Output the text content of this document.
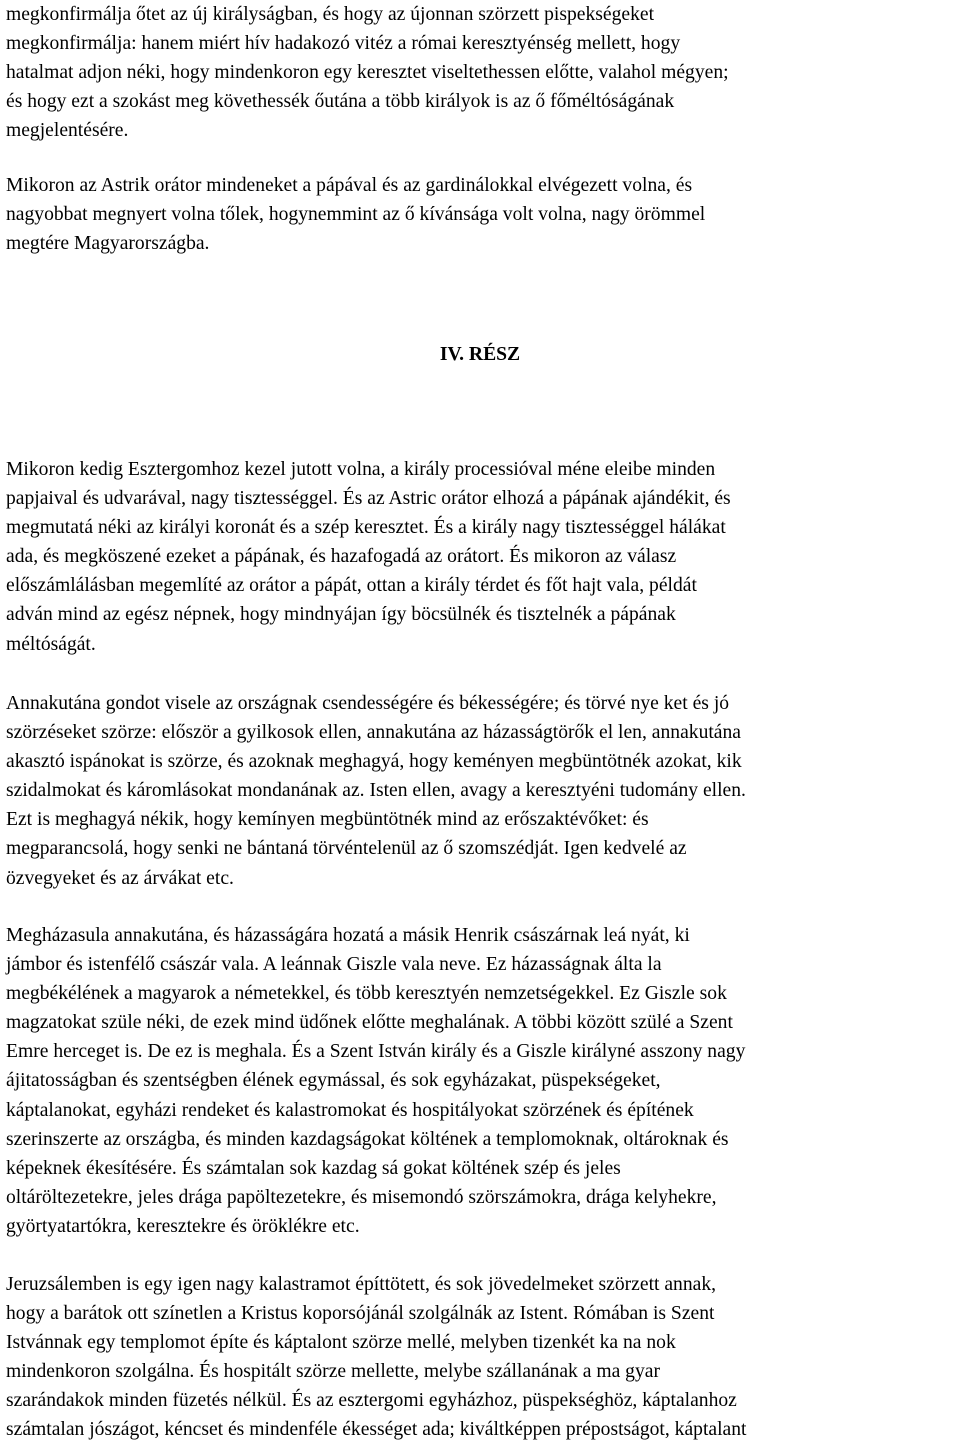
megkonfirmálja őtet az új királyságban, és hogy az újonnan szörzett pispekségeket
megkonfirmálja: hanem miért hív hadakozó vitéz a római keresztyénség mellett, hogy
hatalmat adjon néki, hogy mindenkoron egy keresztet viseltethessen előtte, valahol mégyen;
és hogy ezt a szokást meg követhessék őutána a több királyok is az ő főméltóságának
megjelentésére.
Mikoron az Astrik orátor mindeneket a pápával és az gardinálokkal elvégezett volna, és
nagyobbat megnyert volna tőlek, hogynemmint az ő kívánsága volt volna, nagy örömmel
megtére Magyarországba.
IV. RÉSZ
Mikoron kedig Esztergomhoz kezel jutott volna, a király processióval méne eleibe minden
papjaival és udvarával, nagy tisztességgel. És az Astric orátor elhozá a pápának ajándékit, és
megmutatá néki az királyi koronát és a szép keresztet. És a király nagy tisztességgel hálákat
ada, és megköszené ezeket a pápának, és hazafogadá az orátort. És mikoron az válasz
előszámlálásban megemlíté az orátor a pápát, ottan a király térdet és főt hajt vala, példát
adván mind az egész népnek, hogy mindnyájan így böcsülnék és tisztelnék a pápának
méltóságát.
Annakutána gondot visele az országnak csendességére és békességére; és törvé nye ket és jó
szörzéseket szörze: először a gyilkosok ellen, annakutána az házasságtörők el len, annakutána
akasztó ispánokat is szörze, és azoknak meghagyá, hogy keményen megbüntötnék azokat, kik
szidalmokat és káromlásokat mondanának az. Isten ellen, avagy a keresztyéni tudomány ellen.
Ezt is meghagyá nékik, hogy kemínyen megbüntötnék mind az erőszaktévőket: és
megparancsolá, hogy senki ne bántaná törvéntelenül az ő szomszédját. Igen kedvelé az
özvegyeket és az árvákat etc.
Megházasula annakutána, és házasságára hozatá a másik Henrik császárnak leá nyát, ki
jámbor és istenfélő császár vala. A leánnak Giszle vala neve. Ez házasságnak álta la
megbékélének a magyarok a németekkel, és több keresztyén nemzetségekkel. Ez Giszle sok
magzatokat szüle néki, de ezek mind üdőnek előtte meghalának. A többi között szülé a Szent
Emre herceget is. De ez is meghala. És a Szent István király és a Giszle királyné asszony nagy
ájitatosságban és szentségben élének egymással, és sok egyházakat, püspekségeket,
káptalanokat, egyházi rendeket és kalastromokat és hospitályokat szörzének és építének
szerinszerte az országba, és minden kazdagságokat költének a templomoknak, oltároknak és
képeknek ékesítésére. És számtalan sok kazdag sá gokat költének szép és jeles
oltáröltezetekre, jeles drága papöltezetekre, és misemondó szörszámokra, drága kelyhekre,
györtyatartókra, keresztekre és öröklékre etc.
Jeruzsálemben is egy igen nagy kalastramot építtötett, és sok jövedelmeket szörzett annak,
hogy a barátok ott színetlen a Kristus koporsójánál szolgálnák az Istent. Rómában is Szent
Istvánnak egy templomot építe és káptalont szörze mellé, melyben tizenkét ka na nok
mindenkoron szolgálna. És hospitált szörze mellette, melybe szállanának a ma gyar
szarándakok minden füzetés nélkül. És az esztergomi egyházhoz, püspekséghöz, káptalanhoz
számtalan jószágot, kéncset és mindenféle ékességet ada; kiváltképpen prépostságot, káptalant
